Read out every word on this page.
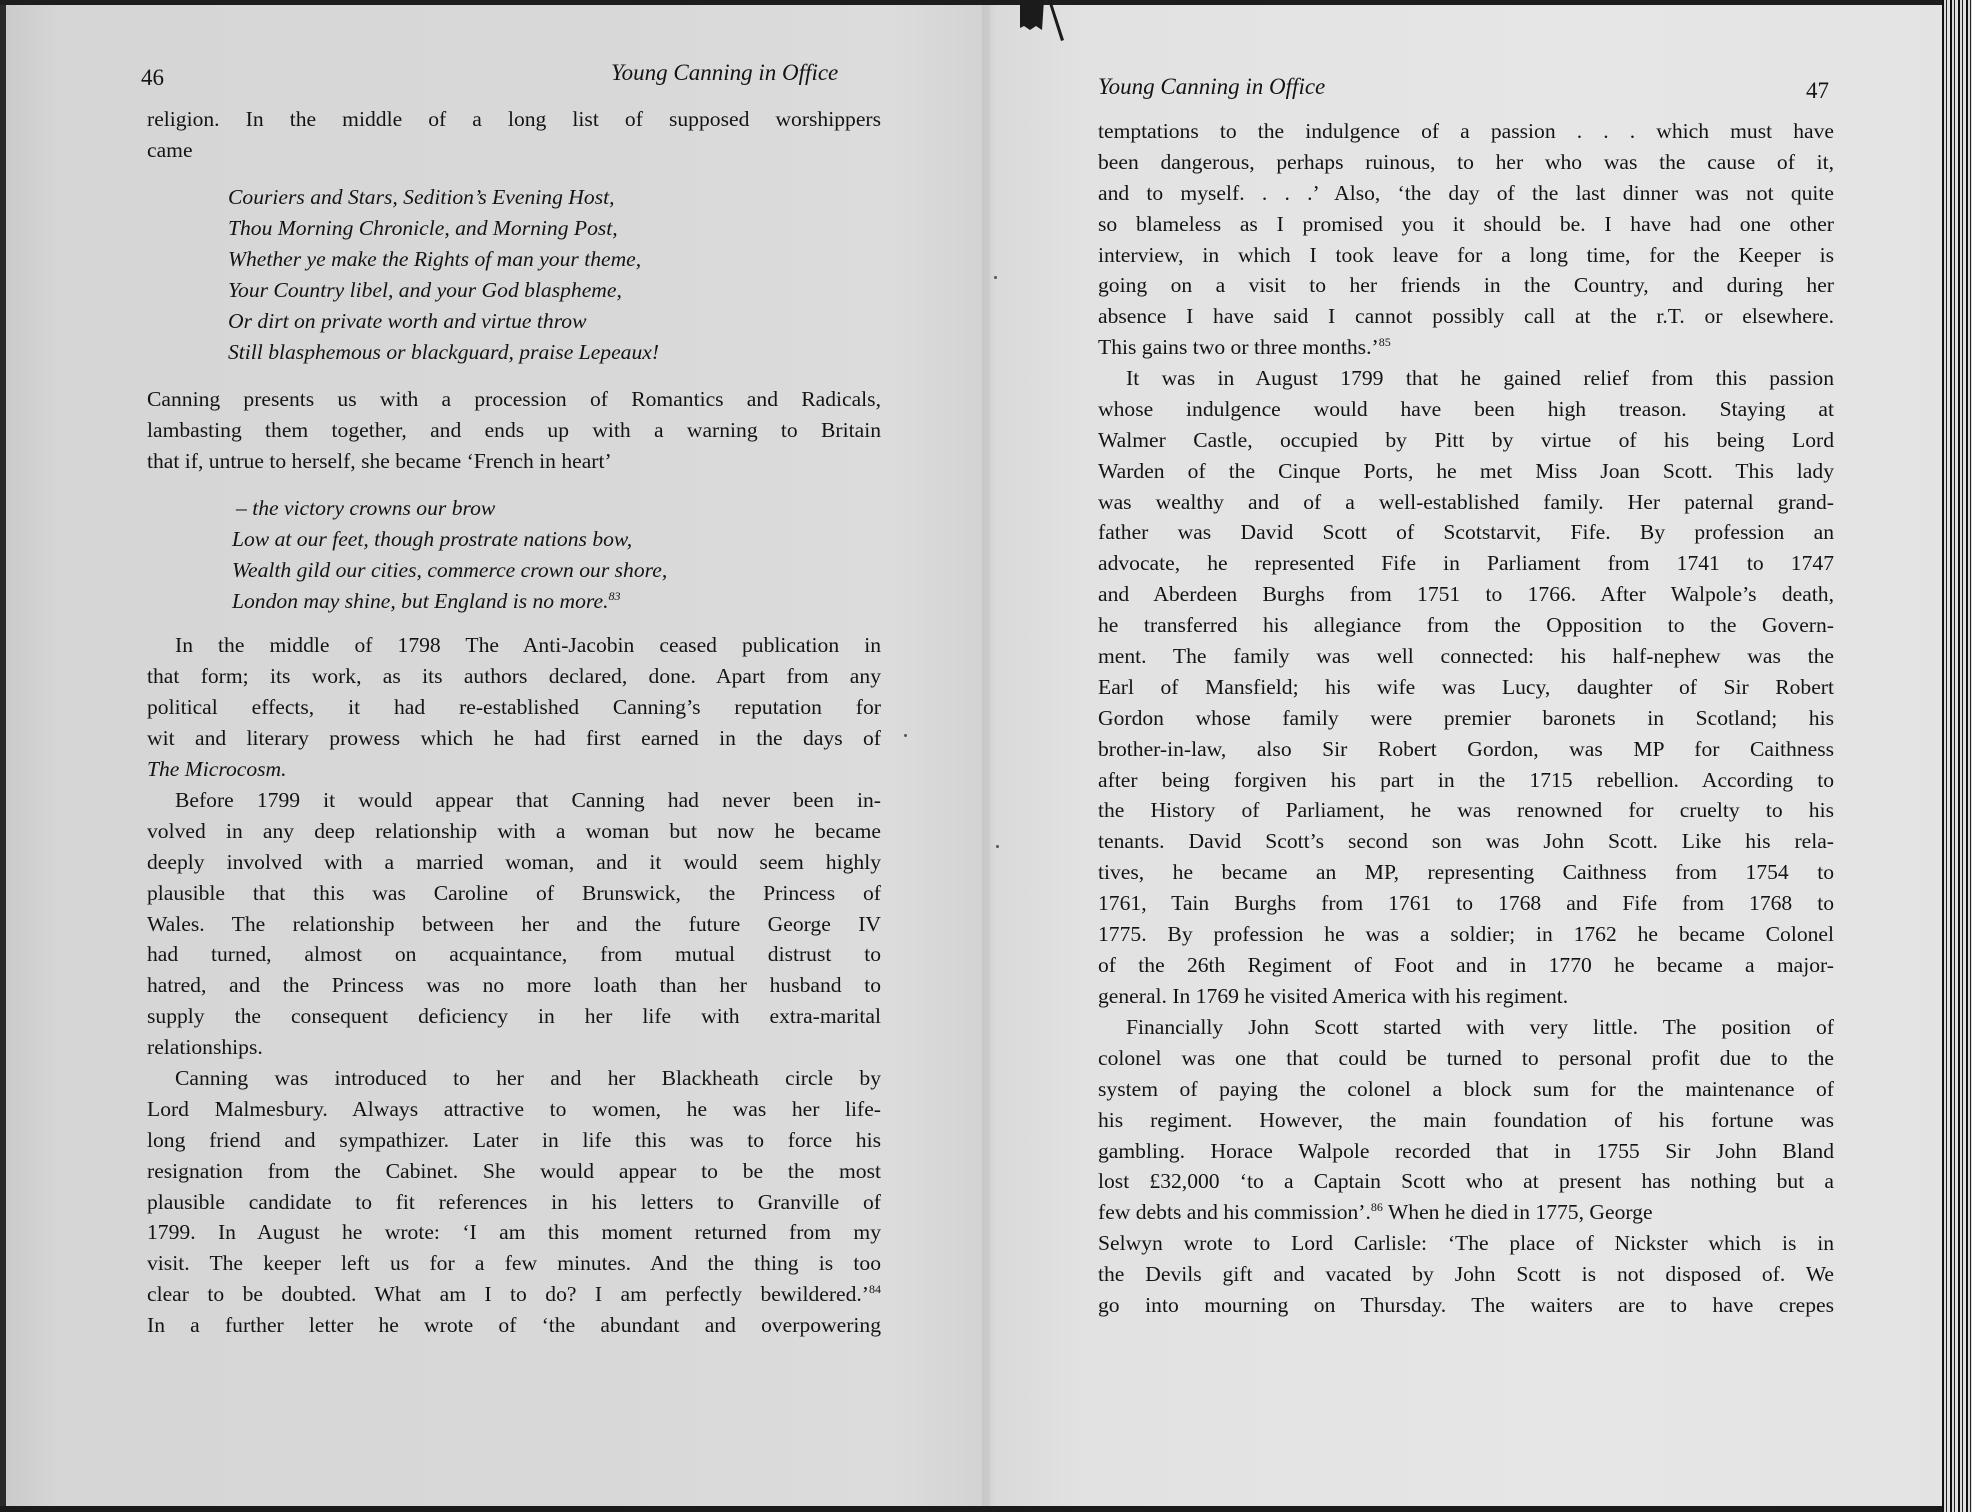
46	Young Canning in Office
religion. In the middle of a long list of supposed worshippers
came
Couriers and Stars, Sedition’s Evening Host,
Thou Morning Chronicle, and Morning Post,
Whether ye make the Rights of man your theme,
Your Country libel, and your God blaspheme,
Or dirt on private worth and virtue throw
Still blasphemous or blackguard, praise Lepeaux!
Canning presents us with a procession of Romantics and Radicals,
lambasting them together, and ends up with a warning to Britain
that if, untrue to herself, she became ‘French in heart’
– the victory crowns our brow
Low at our feet, though prostrate nations bow,
Wealth gild our cities, commerce crown our shore,
London may shine, but England is no more.$^{83}$
In the middle of 1798 The Anti-Jacobin ceased publication in
that form; its work, as its authors declared, done. Apart from any
political effects, it had re-established Canning’s reputation for
wit and literary prowess which he had first earned in the days of
The Microcosm.
Before 1799 it would appear that Canning had never been in-
volved in any deep relationship with a woman but now he became
deeply involved with a married woman, and it would seem highly
plausible that this was Caroline of Brunswick, the Princess of
Wales. The relationship between her and the future George IV
had turned, almost on acquaintance, from mutual distrust to
hatred, and the Princess was no more loath than her husband to
supply the consequent deficiency in her life with extra-marital
relationships.
Canning was introduced to her and her Blackheath circle by
Lord Malmesbury. Always attractive to women, he was her life-
long friend and sympathizer. Later in life this was to force his
resignation from the Cabinet. She would appear to be the most
plausible candidate to fit references in his letters to Granville of
1799. In August he wrote: ‘I am this moment returned from my
visit. The keeper left us for a few minutes. And the thing is too
clear to be doubted. What am I to do? I am perfectly bewildered.’$^{84}$
In a further letter he wrote of ‘the abundant and overpowering
Young Canning in Office	47
temptations to the indulgence of a passion . . . which must have
been dangerous, perhaps ruinous, to her who was the cause of it,
and to myself. . . .’ Also, ‘the day of the last dinner was not quite
so blameless as I promised you it should be. I have had one other
interview, in which I took leave for a long time, for the Keeper is
going on a visit to her friends in the Country, and during her
absence I have said I cannot possibly call at the r.T. or elsewhere.
This gains two or three months.’$^{85}$
It was in August 1799 that he gained relief from this passion
whose indulgence would have been high treason. Staying at
Walmer Castle, occupied by Pitt by virtue of his being Lord
Warden of the Cinque Ports, he met Miss Joan Scott. This lady
was wealthy and of a well-established family. Her paternal grand-
father was David Scott of Scotstarvit, Fife. By profession an
advocate, he represented Fife in Parliament from 1741 to 1747
and Aberdeen Burghs from 1751 to 1766. After Walpole’s death,
he transferred his allegiance from the Opposition to the Govern-
ment. The family was well connected: his half-nephew was the
Earl of Mansfield; his wife was Lucy, daughter of Sir Robert
Gordon whose family were premier baronets in Scotland; his
brother-in-law, also Sir Robert Gordon, was MP for Caithness
after being forgiven his part in the 1715 rebellion. According to
the History of Parliament, he was renowned for cruelty to his
tenants. David Scott’s second son was John Scott. Like his rela-
tives, he became an MP, representing Caithness from 1754 to
1761, Tain Burghs from 1761 to 1768 and Fife from 1768 to
1775. By profession he was a soldier; in 1762 he became Colonel
of the 26th Regiment of Foot and in 1770 he became a major-
general. In 1769 he visited America with his regiment.
Financially John Scott started with very little. The position of
colonel was one that could be turned to personal profit due to the
system of paying the colonel a block sum for the maintenance of
his regiment. However, the main foundation of his fortune was
gambling. Horace Walpole recorded that in 1755 Sir John Bland
lost £32,000 ‘to a Captain Scott who at present has nothing but a
few debts and his commission’.$^{86}$ When he died in 1775, George
Selwyn wrote to Lord Carlisle: ‘The place of Nickster which is in
the Devils gift and vacated by John Scott is not disposed of. We
go into mourning on Thursday. The waiters are to have crepes
